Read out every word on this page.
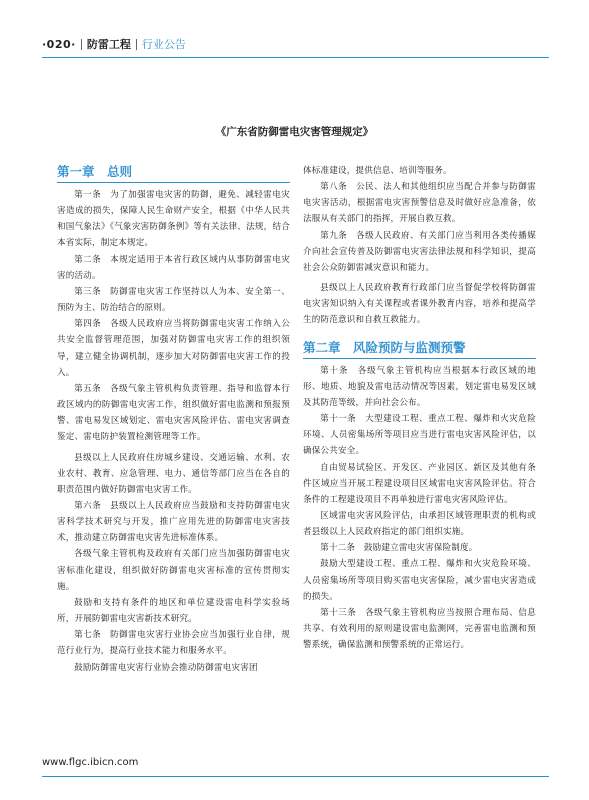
·020· 防雷工程 行业公告
《广东省防御雷电灾害管理规定》
第一章　总则

第一条　为了加强雷电灾害的防御，避免、减轻雷电灾害造成的损失，保障人民生命财产安全，根据《中华人民共和国气象法》《气象灾害防御条例》等有关法律、法规，结合本省实际，制定本规定。

第二条　本规定适用于本省行政区域内从事防御雷电灾害的活动。

第三条　防御雷电灾害工作坚持以人为本、安全第一、预防为主、防治结合的原则。

第四条　各级人民政府应当将防御雷电灾害工作纳入公共安全监督管理范围，加强对防御雷电灾害工作的组织领导，建立健全协调机制，逐步加大对防御雷电灾害工作的投入。

第五条　各级气象主管机构负责管理、指导和监督本行政区域内的防御雷电灾害工作，组织做好雷电监测和预报预警、雷电易发区域划定、雷电灾害风险评估、雷电灾害调查鉴定、雷电防护装置检测管理等工作。

县级以上人民政府住房城乡建设、交通运输、水利、农业农村、教育、应急管理、电力、通信等部门应当在各自的职责范围内做好防御雷电灾害工作。

第六条　县级以上人民政府应当鼓励和支持防御雷电灾害科学技术研究与开发，推广应用先进的防御雷电灾害技术，推动建立防御雷电灾害先进标准体系。

各级气象主管机构及政府有关部门应当加强防御雷电灾害标准化建设，组织做好防御雷电灾害标准的宣传贯彻实施。

鼓励和支持有条件的地区和单位建设雷电科学实验场所，开展防御雷电灾害新技术研究。

第七条　防御雷电灾害行业协会应当加强行业自律，规范行业行为，提高行业技术能力和服务水平。

鼓励防御雷电灾害行业协会推动防御雷电灾害团

体标准建设，提供信息、培训等服务。

第八条　公民、法人和其他组织应当配合并参与防御雷电灾害活动，根据雷电灾害预警信息及时做好应急准备，依法服从有关部门的指挥，开展自救互救。

第九条　各级人民政府、有关部门应当利用各类传播媒介向社会宣传普及防御雷电灾害法律法规和科学知识，提高社会公众防御雷减灾意识和能力。

县级以上人民政府教育行政部门应当督促学校将防御雷电灾害知识纳入有关课程或者课外教育内容，培养和提高学生的防范意识和自救互救能力。

第二章　风险预防与监测预警

第十条　各级气象主管机构应当根据本行政区域的地形、地质、地貌及雷电活动情况等因素，划定雷电易发区域及其防范等级，并向社会公布。

第十一条　大型建设工程、重点工程、爆炸和火灾危险环境、人员密集场所等项目应当进行雷电灾害风险评估，以确保公共安全。

自由贸易试验区、开发区、产业园区、新区及其他有条件区域应当开展工程建设项目区域雷电灾害风险评估。符合条件的工程建设项目不再单独进行雷电灾害风险评估。

区域雷电灾害风险评估，由承担区域管理职责的机构或者县级以上人民政府指定的部门组织实施。

第十二条　鼓励建立雷电灾害保险制度。

鼓励大型建设工程、重点工程、爆炸和火灾危险环境、人员密集场所等项目购买雷电灾害保险，减少雷电灾害造成的损失。

第十三条　各级气象主管机构应当按照合理布局、信息共享、有效利用的原则建设雷电监测网，完善雷电监测和预警系统，确保监测和预警系统的正常运行。

www.flgc.ibicn.com
